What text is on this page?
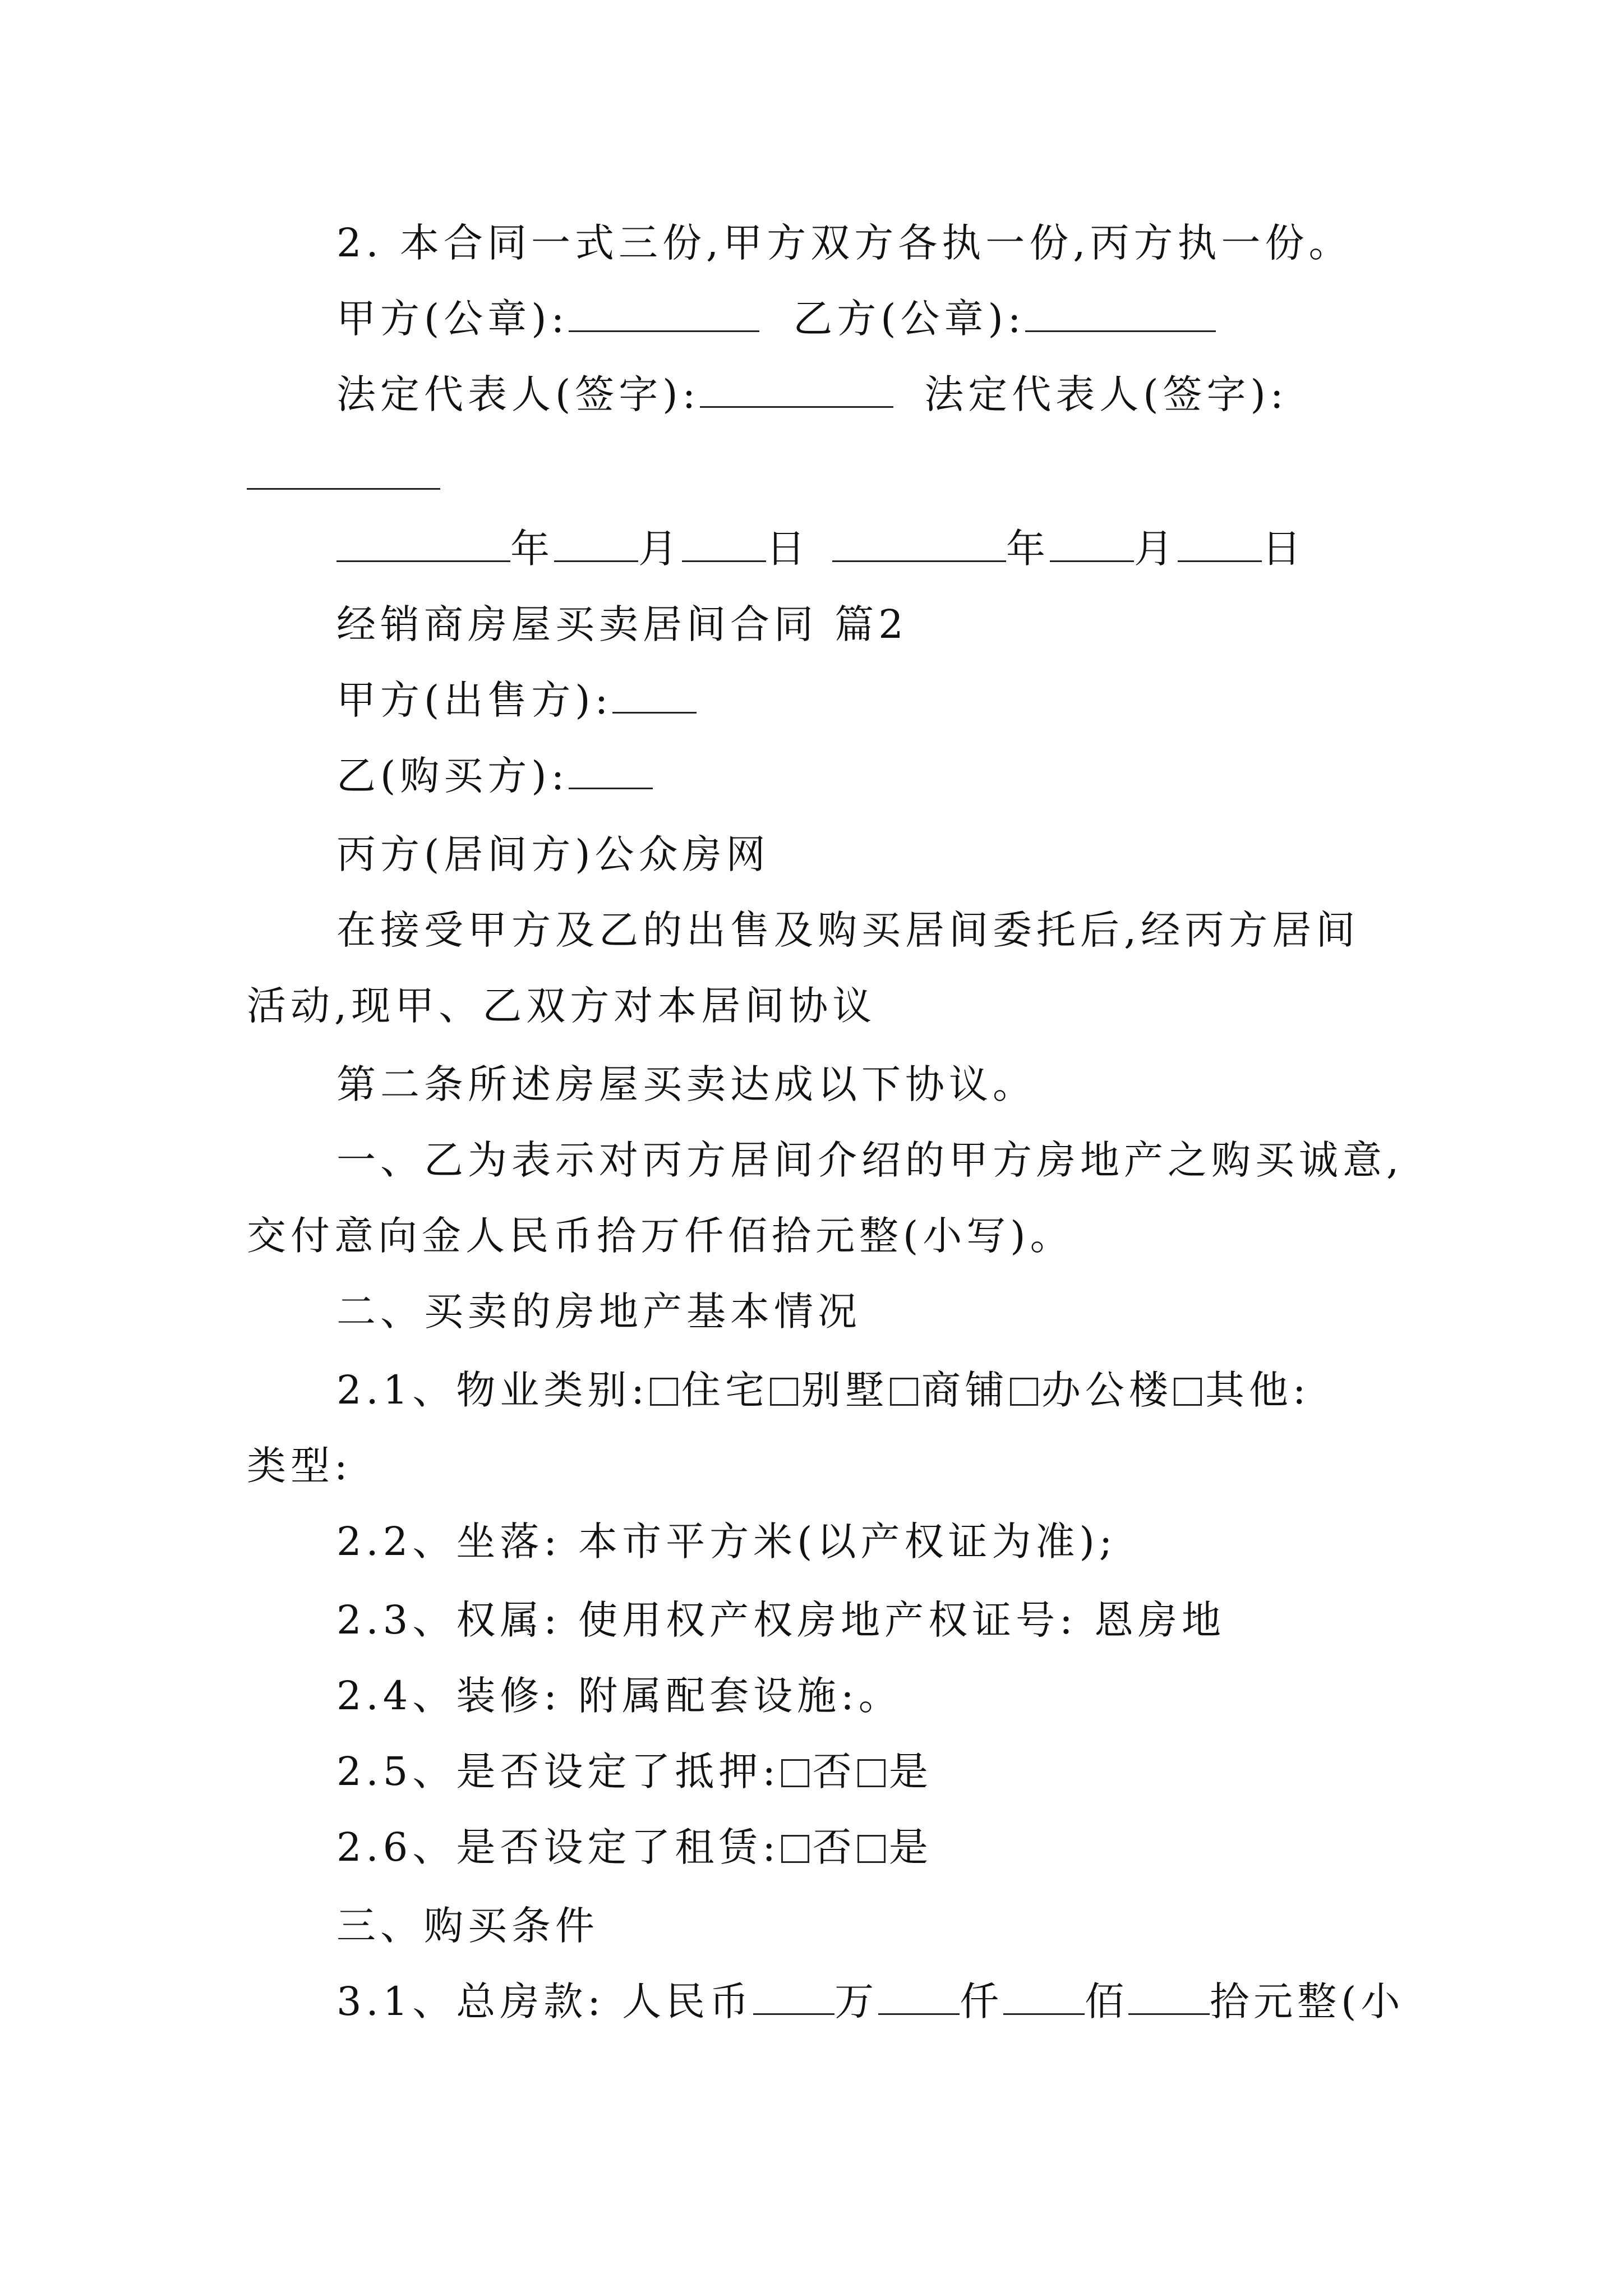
2. 本合同一式三份,甲方双方各执一份,丙方执一份。

甲方(公章):	乙方(公章):

法定代表人(签字):	法定代表人(签字):

年 月 日	年 月 日

经销商房屋买卖居间合同 篇2

甲方(出售方):

乙(购买方):

丙方(居间方)公众房网

在接受甲方及乙的出售及购买居间委托后,经丙方居间

活动,现甲、乙双方对本居间协议

第二条所述房屋买卖达成以下协议。

一、乙为表示对丙方居间介绍的甲方房地产之购买诚意,

交付意向金人民币拾万仟佰拾元整(小写)。

二、买卖的房地产基本情况

2.1、物业类别: 住宅 别墅 商铺 办公楼 其他:

类型:

2.2、坐落: 本市平方米(以产权证为准);

2.3、权属: 使用权产权房地产权证号: 恩房地

2.4、装修: 附属配套设施:。

2.5、是否设定了抵押: 否 是

2.6、是否设定了租赁: 否 是

三、购买条件

3.1、总房款: 人民币 万 仟 佰 拾元整(小
